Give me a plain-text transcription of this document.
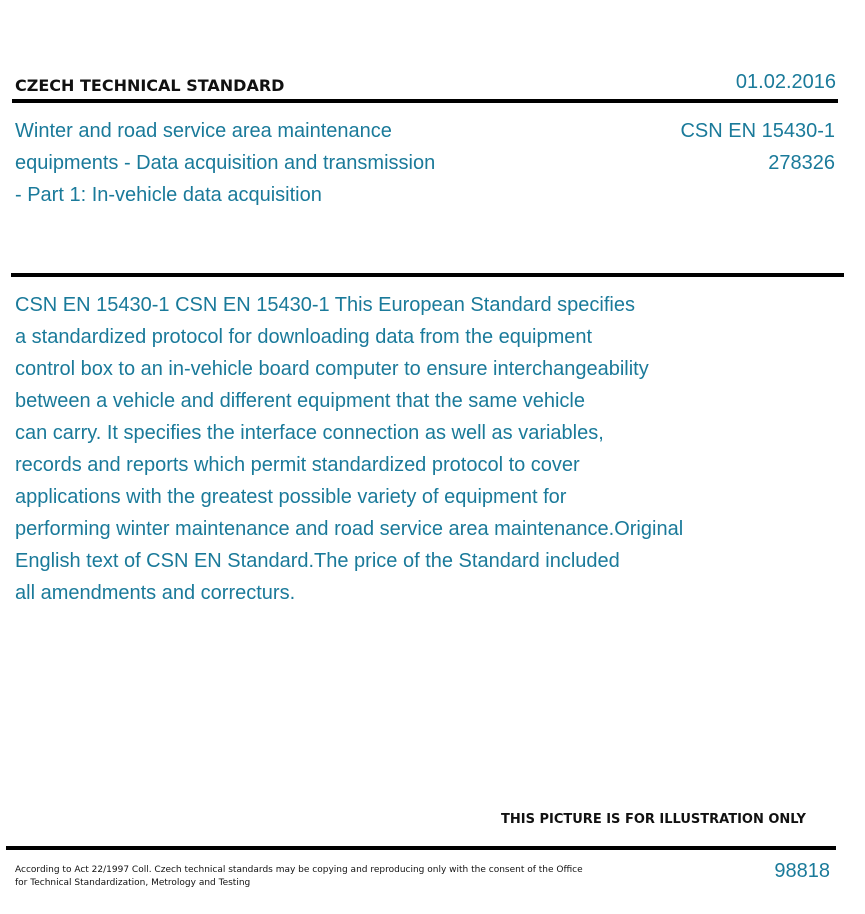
CZECH TECHNICAL STANDARD	01.02.2016

Winter and road service area maintenance equipments - Data acquisition and transmission - Part 1: In-vehicle data acquisition

CSN EN 15430-1
278326

CSN EN 15430-1 CSN EN 15430-1 This European Standard specifies
a standardized protocol for downloading data from the equipment
control box to an in-vehicle board computer to ensure interchangeability
between a vehicle and different equipment that the same vehicle
can carry. It specifies the interface connection as well as variables,
records and reports which permit standardized protocol to cover
applications with the greatest possible variety of equipment for
performing winter maintenance and road service area maintenance.Original
English text of CSN EN Standard.The price of the Standard included
all amendments and correcturs.

THIS PICTURE IS FOR ILLUSTRATION ONLY

According to Act 22/1997 Coll. Czech technical standards may be copying and reproducing only with the consent of the Office for Technical Standardization, Metrology and Testing

98818
